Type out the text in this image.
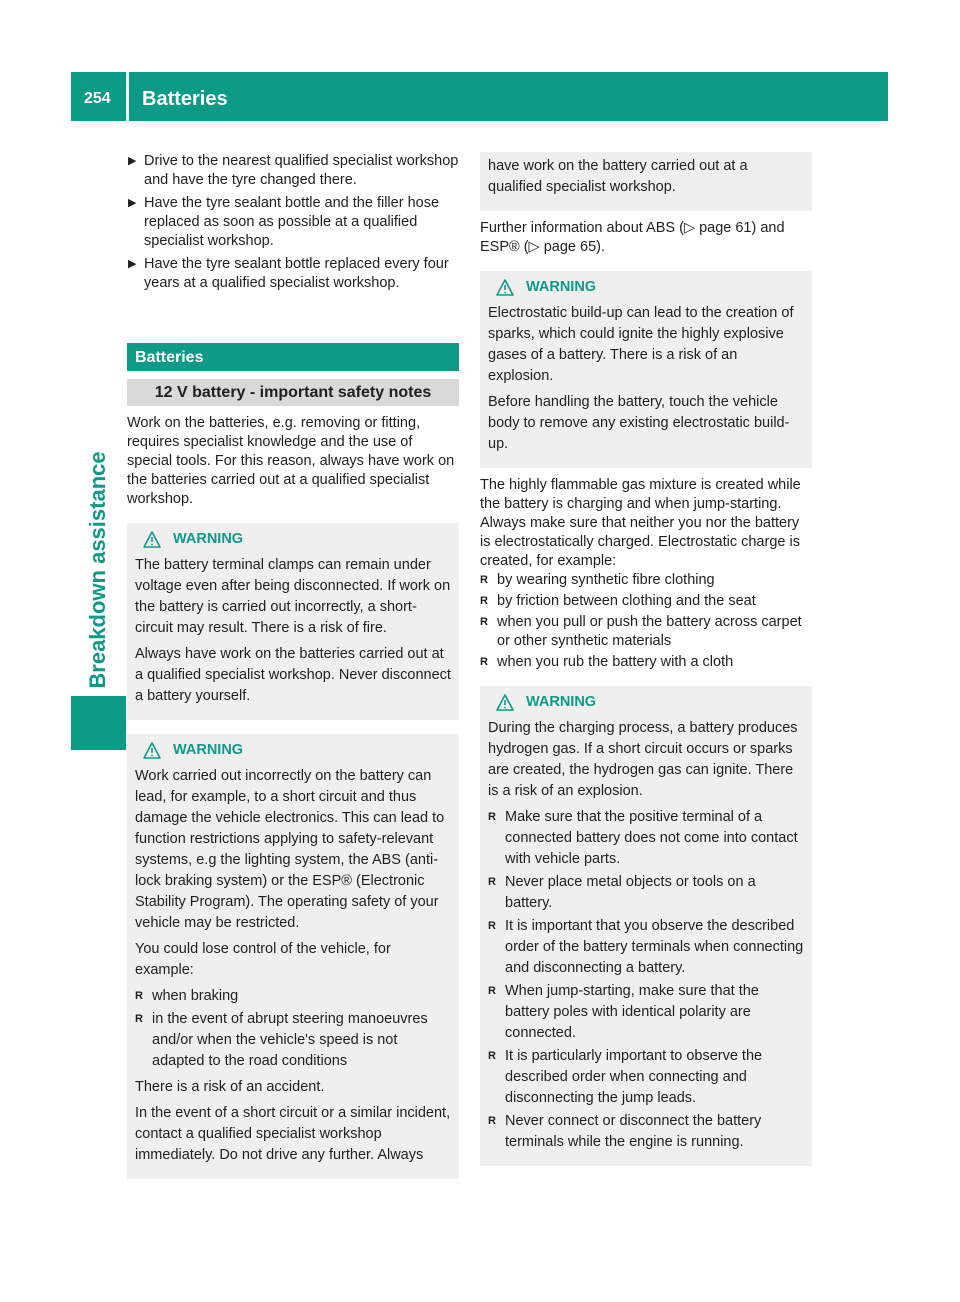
254 Batteries
Breakdown assistance
▶ Drive to the nearest qualified specialist workshop and have the tyre changed there.
▶ Have the tyre sealant bottle and the filler hose replaced as soon as possible at a qualified specialist workshop.
▶ Have the tyre sealant bottle replaced every four years at a qualified specialist workshop.
Batteries
12 V battery - important safety notes

Work on the batteries, e.g. removing or fitting, requires specialist knowledge and the use of special tools. For this reason, always have work on the batteries carried out at a qualified specialist workshop.

WARNING

The battery terminal clamps can remain under voltage even after being disconnected. If work on the battery is carried out incorrectly, a short-circuit may result. There is a risk of fire.

Always have work on the batteries carried out at a qualified specialist workshop. Never disconnect a battery yourself.

WARNING

Work carried out incorrectly on the battery can lead, for example, to a short circuit and thus damage the vehicle electronics. This can lead to function restrictions applying to safety-relevant systems, e.g the lighting system, the ABS (anti-lock braking system) or the ESP® (Electronic Stability Program). The operating safety of your vehicle may be restricted.

You could lose control of the vehicle, for example:

R when braking
R in the event of abrupt steering manoeuvres and/or when the vehicle's speed is not adapted to the road conditions

There is a risk of an accident.

In the event of a short circuit or a similar incident, contact a qualified specialist workshop immediately. Do not drive any further. Always

have work on the battery carried out at a qualified specialist workshop.

Further information about ABS (▷ page 61) and ESP® (▷ page 65).

WARNING

Electrostatic build-up can lead to the creation of sparks, which could ignite the highly explosive gases of a battery. There is a risk of an explosion.

Before handling the battery, touch the vehicle body to remove any existing electrostatic build-up.

The highly flammable gas mixture is created while the battery is charging and when jump-starting.

Always make sure that neither you nor the battery is electrostatically charged. Electrostatic charge is created, for example:

R by wearing synthetic fibre clothing
R by friction between clothing and the seat
R when you pull or push the battery across carpet or other synthetic materials
R when you rub the battery with a cloth
WARNING

During the charging process, a battery produces hydrogen gas. If a short circuit occurs or sparks are created, the hydrogen gas can ignite. There is a risk of an explosion.

R Make sure that the positive terminal of a connected battery does not come into contact with vehicle parts.
R Never place metal objects or tools on a battery.
R It is important that you observe the described order of the battery terminals when connecting and disconnecting a battery.
R When jump-starting, make sure that the battery poles with identical polarity are connected.
R It is particularly important to observe the described order when connecting and disconnecting the jump leads.
R Never connect or disconnect the battery terminals while the engine is running.
